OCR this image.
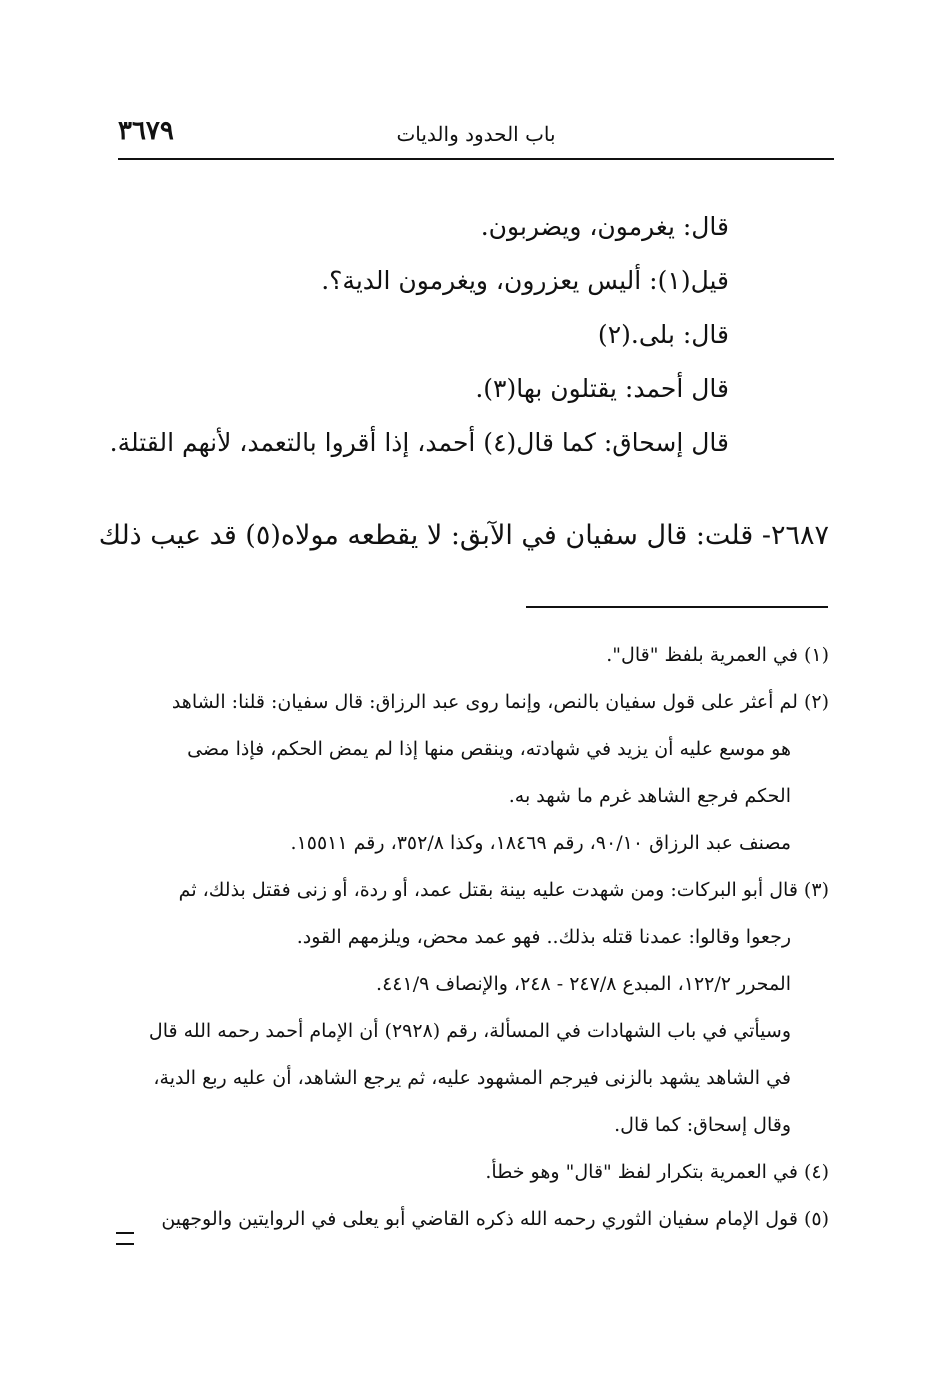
باب الحدود والديات
٣٦٧٩
قال: يغرمون، ويضربون.
قيل(١): أليس يعزرون، ويغرمون الدية؟.
قال: بلى.(٢)
قال أحمد: يقتلون بها(٣).
قال إسحاق: كما قال(٤) أحمد، إذا أقروا بالتعمد، لأنهم القتلة.
٢٦٨٧- قلت: قال سفيان في الآبق: لا يقطعه مولاه(٥) قد عيب ذلك
(١) في العمرية بلفظ "قال".
(٢) لم أعثر على قول سفيان بالنص، وإنما روى عبد الرزاق: قال سفيان: قلنا: الشاهد
هو موسع عليه أن يزيد في شهادته، وينقص منها إذا لم يمض الحكم، فإذا مضى
الحكم فرجع الشاهد غرم ما شهد به.
مصنف عبد الرزاق ٩٠/١٠، رقم ١٨٤٦٩، وكذا ٣٥٢/٨، رقم ١٥٥١١.
(٣) قال أبو البركات: ومن شهدت عليه بينة بقتل عمد، أو ردة، أو زنى فقتل بذلك، ثم
رجعوا وقالوا: عمدنا قتله بذلك.. فهو عمد محض، ويلزمهم القود.
المحرر ١٢٢/٢، المبدع ٢٤٧/٨ - ٢٤٨، والإنصاف ٤٤١/٩.
وسيأتي في باب الشهادات في المسألة، رقم (٢٩٢٨) أن الإمام أحمد رحمه الله قال
في الشاهد يشهد بالزنى فيرجم المشهود عليه، ثم يرجع الشاهد، أن عليه ربع الدية،
وقال إسحاق: كما قال.
(٤) في العمرية بتكرار لفظ "قال" وهو خطأ.
(٥) قول الإمام سفيان الثوري رحمه الله ذكره القاضي أبو يعلى في الروايتين والوجهين
